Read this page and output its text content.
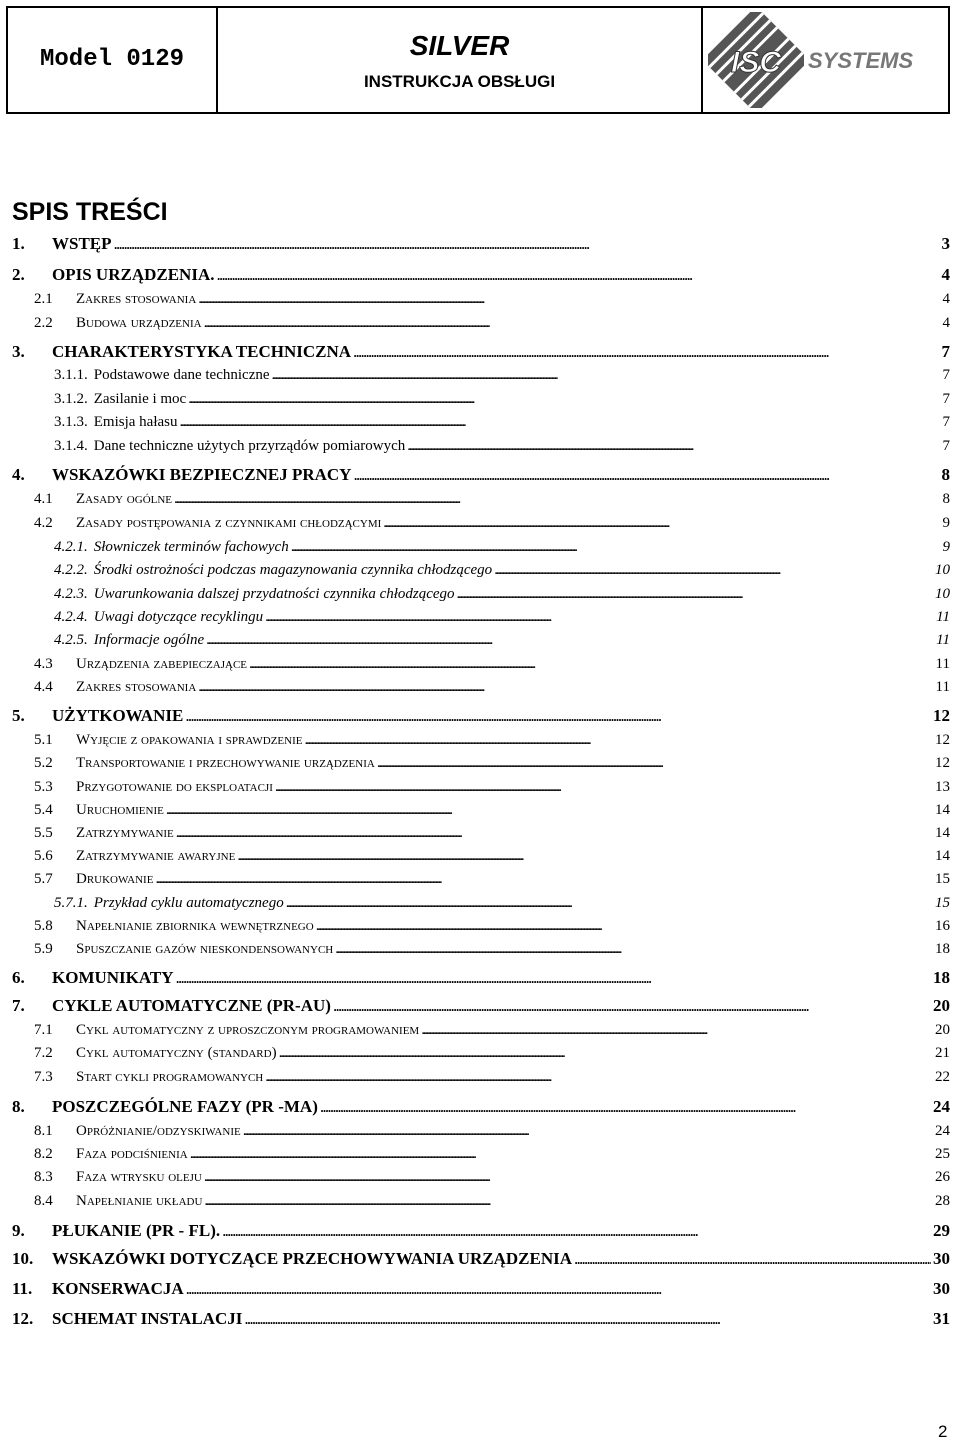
Model 0129	SILVER
INSTRUKCJA OBSŁUGI
ISC SYSTEMS
SPIS TREŚCI
1.	WSTĘP . . .	3
2.	OPIS URZĄDZENIA. . . .	4
2.1	Zakres stosowania . . .	4
2.2	Budowa urządzenia . . .	4
3.	CHARAKTERYSTYKA TECHNICZNA . . .	7
3.1.1. Podstawowe dane techniczne . . .	7
3.1.2. Zasilanie i moc . . .	7
3.1.3. Emisja hałasu . . .	7
3.1.4. Dane techniczne użytych przyrządów pomiarowych . . .	7
4.	WSKAZÓWKI BEZPIECZNEJ PRACY . . .	8
4.1	Zasady ogólne . . .	8
4.2	Zasady postępowania z czynnikami chłodzącymi . . .	9
4.2.1. Słowniczek terminów fachowych . . .	9
4.2.2. Środki ostrożności podczas magazynowania czynnika chłodzącego . . .	10
4.2.3. Uwarunkowania dalszej przydatności czynnika chłodzącego . . .	10
4.2.4. Uwagi dotyczące recyklingu . . .	11
4.2.5. Informacje ogólne . . .	11
4.3	Urządzenia zabepieczające . . .	11
4.4	Zakres stosowania . . .	11
5.	UŻYTKOWANIE . . .	12
5.1	Wyjęcie z opakowania i sprawdzenie . . .	12
5.2	Transportowanie i przechowywanie urządzenia . . .	12
5.3	Przygotowanie do eksploatacji . . .	13
5.4	Uruchomienie . . .	14
5.5	Zatrzymywanie . . .	14
5.6	Zatrzymywanie awaryjne . . .	14
5.7	Drukowanie . . .	15
5.7.1. Przykład cyklu automatycznego . . .	15
5.8	Napełnianie zbiornika wewnętrznego . . .	16
5.9	Spuszczanie gazów nieskondensowanych . . .	18
6.	KOMUNIKATY . . .	18
7.	CYKLE AUTOMATYCZNE (PR-AU) . . .	20
7.1	Cykl automatyczny z uproszczonym programowaniem . . .	20
7.2	Cykl automatyczny (standard) . . .	21
7.3	Start cykli programowanych . . .	22
8.	POSZCZEGÓLNE FAZY (PR -MA) . . .	24
8.1	Opróżnianie/odzyskiwanie . . .	24
8.2	Faza podciśnienia . . .	25
8.3	Faza wtrysku oleju . . .	26
8.4	Napełnianie układu . . .	28
9.	PŁUKANIE (PR - FL). . . .	29
10.	WSKAZÓWKI DOTYCZĄCE PRZECHOWYWANIA URZĄDZENIA . . .	30
11.	KONSERWACJA . . .	30
12.	SCHEMAT INSTALACJI . . .	31
2
